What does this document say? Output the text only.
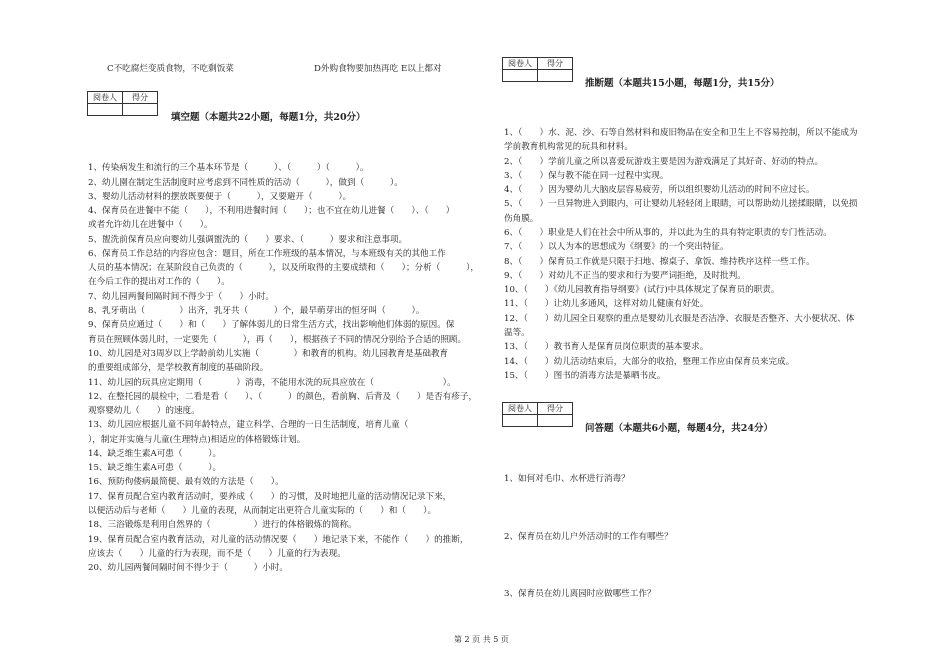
C不吃腐烂变质食物，不吃剩饭菜	D外购食物要加热再吃 E以上都对
阅卷人	得分

填空题（本题共22小题，每题1分，共20分）
1、传染病发生和流行的三个基本环节是（　　　）、（　　　）（　　　）。
2、幼儿園在制定生活制度时应考虑到不同性质的活动（　　　），做到（　　　）。
3、婴幼儿活动材料的摆放既要便于（　　　），又要避开（　　　）。
4、保育员在进餐中不能（　　），不利用进餐时间（　　）；也不宜在幼儿进餐（　　）、（　　）
或者允许幼儿在进餐中（　　）。
5、盥洗前保育员应向婴幼儿强调盥洗的（　　）要求、（　　　）要求和注意事项。
6、保育员工作总结的内容应包含：题目，所在工作班级的基本情况，与本班级有关的其他工作
人员的基本情况；在某阶段自己负责的（　　　），以及所取得的主要成绩和（　　）；分析（　　　），
在今后工作的提出对工作的（　　）。
7、幼儿园两餐间隔时间不得少于（　　）小时。
8、乳牙萌出（　　　　）出齐，乳牙共（　　　）个，最早萌芽出的恒牙叫（　　　）。
9、保育员应通过（　　）和（　　）了解体弱儿的日常生活方式，找出影响他们体弱的原因。保
育员在照顾体弱儿时，一定要先（　　　），再（　　），根据孩子不同的情况分别给予合适的照顾。
10、幼儿园是对3周岁以上学龄前幼儿实施（　　　　）和教育的机构。幼儿园教育是基础教育
的重要组成部分，是学校教育制度的基础阶段。
11、幼儿园的玩具应定期用（　　　　）消毒，不能用水洗的玩具应放在（　　　　　　　　）。
12、在整托园的晨检中，二看是看（　　）、（　　　）的颜色，看前胸、后背及（　　）是否有疹子，
观察婴幼儿（　　）的速度。
13、幼儿园应根据儿童不同年龄特点，建立科学、合理的一日生活制度，培育儿童（　　　　
），制定并实施与儿童(生理特点)相适应的体格锻炼计划。
14、缺乏维生素A可患（　　　）。
15、缺乏维生素A可患（　　　）。
16、预防佝偻病最简便、最有效的方法是（　　）。
17、保育员配合室内教育活动时，要养成（　　）的习惯，及时地把儿童的活动情况记录下来，
以便活动后与老师（　　）儿童的表现，从而制定出更符合儿童实际的（　　）和（　　）。
18、三浴锻炼是利用自然界的（　　　　　）进行的体格锻炼的简称。
19、保育员配合室内教育活动，对儿童的活动情况要（　　）地记录下来，不能作（　　）的推断，
应该去（　　）儿童的行为表现，而不是（　　）儿童的行为表现。
20、幼儿园两餐间隔时间不得少于（　　　）小时。
阅卷人	得分

推断题（本题共15小题，每题1分，共15分）
1、（　　）水、泥、沙、石等自然材料和废旧物品在安全和卫生上不容易控制，所以不能成为
学前教育机构常见的玩具和材料。
2、（　　）学前儿童之所以喜爱玩游戏主要是因为游戏满足了其好奇、好动的特点。
3、（　　）保与教不能在同一过程中实现。
4、（　　）因为婴幼儿大脑皮层容易疲劳，所以组织婴幼儿活动的时间不应过长。
5、（　　）一旦异物进入到眼内，可让婴幼儿轻轻闭上眼睛，可以帮助幼儿搓揉眼睛，以免损
伤角膜。
6、（　　）职业是人们在社会中所从事的，并以此为生的具有特定职责的专门性活动。
7、（　　）以人为本的思想成为《纲要》的一个突出特征。
8、（　　）保育员工作就是只限于扫地、擦桌子、拿饭、维持秩序这样一些工作。
9、（　　）对幼儿不正当的要求和行为要严词拒绝，及时批判。
10、（　　）《幼儿园教育指导纲要》(试行)中具体规定了保育员的职责。
11、（　　）让幼儿多通风，这样对幼儿健康有好处。
12、（　　）幼儿园全日观察的重点是婴幼儿衣服是否洁净、衣服是否整齐、大小便状况、体
温等。
13、（　　）教书育人是保育员岗位职责的基本要求。
14、（　　）幼儿活动结束后，大部分的收拾，整理工作应由保育员来完成。
15、（　　）图书的消毒方法是暴晒书皮。
阅卷人	得分

问答题（本题共6小题，每题4分，共24分）
1、如何对毛巾、水杯进行消毒？
2、保育员在幼儿户外活动时的工作有哪些？
3、保育员在幼儿离园时应做哪些工作？
第 2 页 共 5 页
